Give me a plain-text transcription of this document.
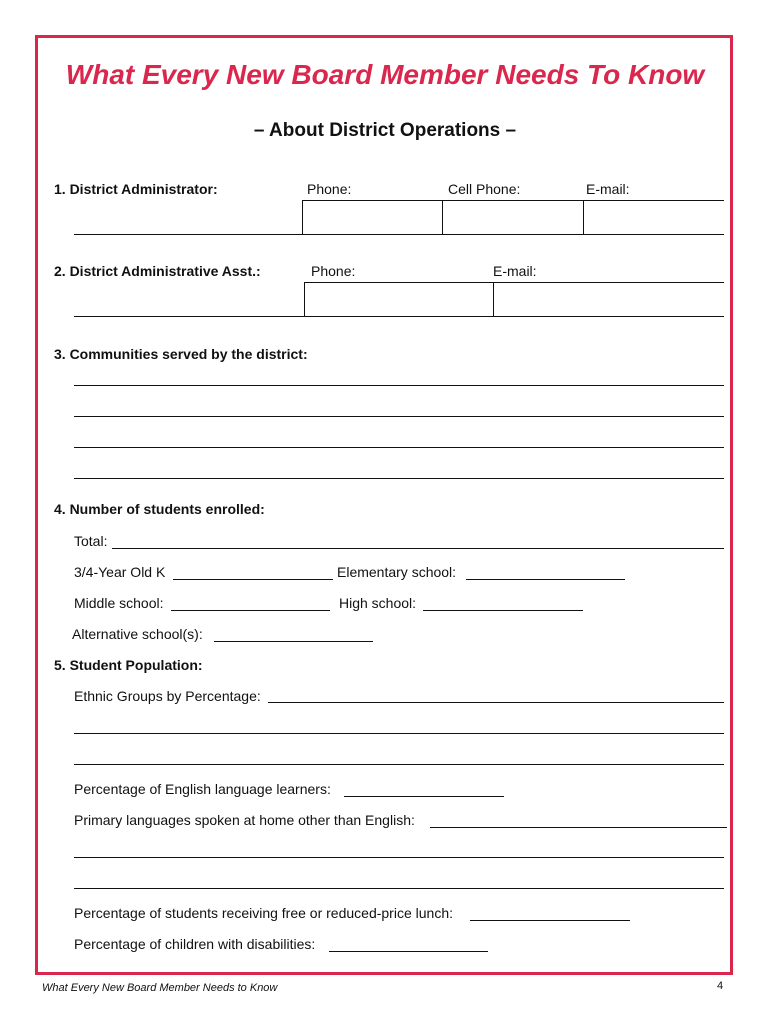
What Every New Board Member Needs To Know
– About District Operations –
1. District Administrator:	Phone:	Cell Phone:	E-mail:
2. District Administrative Asst.:	Phone:	E-mail:
3. Communities served by the district:
4. Number of students enrolled:
Total:
3/4-Year Old K	Elementary school:
Middle school:	High school:
Alternative school(s):
5. Student Population:
Ethnic Groups by Percentage:
Percentage of English language learners:
Primary languages spoken at home other than English:
Percentage of students receiving free or reduced-price lunch:
Percentage of children with disabilities:
What Every New Board Member Needs to Know	4
